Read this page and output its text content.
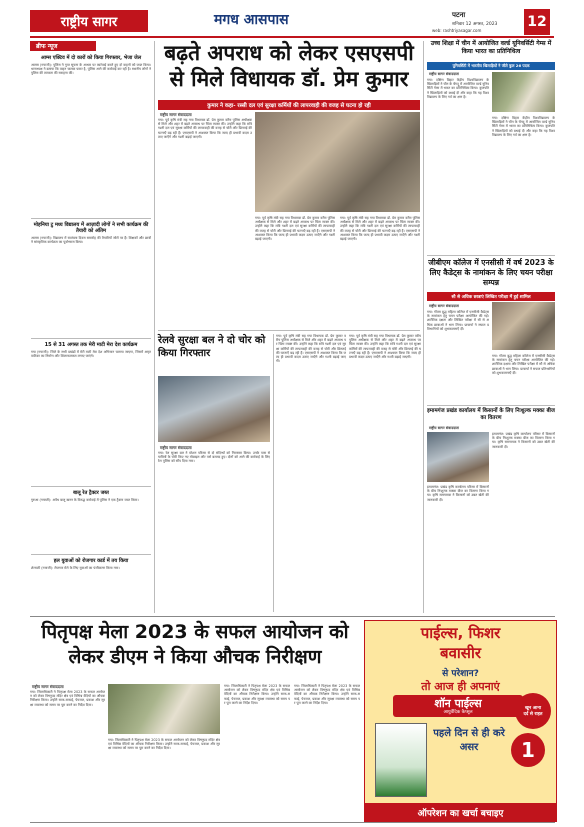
राष्ट्रीय सागर	मगध आसपास	पटना
शनिवार 12 अगस्त, 2023
web: rashtriyasagar.com
12
ब्रीफ न्यूज
आम्स एक्टिव में दो कारों को किया गिरफ्तार, भेजा जेल
आमस (गयाजी): पुलिस ने गुप्त सूचना के आधार पर कार्रवाई करते हुए दो वाहनों को जब्त किया। थानाध्यक्ष ने बताया कि वाहन चालक फरार है, पुलिस आगे की कार्रवाई कर रही है। स्थानीय लोगों ने पुलिस की तत्परता की सराहना की।
मोहनिया टु मध्य विद्यालय में आज़ादी लोगों ने सभी कार्यक्रम की तैयारी को अंतिम
आमस (गयाजी): विद्यालय में स्वतंत्रता दिवस समारोह की तैयारियाँ जोरों पर हैं। शिक्षकों और छात्रों ने सांस्कृतिक कार्यक्रम का पूर्वाभ्यास किया।
15 से 31 अगस्त तक मेरी माटी मेरा देश कार्यक्रम
गया (गयाजी): जिले के सभी प्रखंडों में मेरी माटी मेरा देश अभियान चलाया जाएगा, जिसमें अमृत वाटिका का निर्माण और शिलाफलकम लगाए जाएंगे।
बालू रेत ट्रैक्टर जब्त
गुरुआ (गयाजी): अवैध बालू खनन के विरुद्ध कार्रवाई में पुलिस ने एक ट्रैक्टर जब्त किया।
हल युवाओं को रोजगार कार्ड में तय किया
शेरघाटी (गयाजी): रोजगार मेले के लिए युवाओं का पंजीकरण किया गया।
बढ़ते अपराध को लेकर एसएसपी से मिले विधायक डॉ. प्रेम कुमार
कुमार ने कहा- रस्सी दल एवं सुरक्षा कर्मियों की लापरवाही की वजह से घटना हो रही
राष्ट्रीय सागर संवाददाता
गया: पूर्व कृषि मंत्री सह गया विधायक डॉ. प्रेम कुमार वरीय पुलिस अधीक्षक से मिले और शहर में बढ़ते अपराध पर चिंता व्यक्त की। उन्होंने कहा कि रात्रि गश्ती दल एवं सुरक्षा कर्मियों की लापरवाही की वजह से चोरी और छिनतई की घटनाएँ बढ़ रही हैं। एसएसपी ने आश्वस्त किया कि जल्द ही प्रभावी कदम उठाए जाएँगे और गश्ती बढ़ाई जाएगी।
गया: पूर्व कृषि मंत्री सह गया विधायक डॉ. प्रेम कुमार वरीय पुलिस अधीक्षक से मिले और शहर में बढ़ते अपराध पर चिंता व्यक्त की। उन्होंने कहा कि रात्रि गश्ती दल एवं सुरक्षा कर्मियों की लापरवाही की वजह से चोरी और छिनतई की घटनाएँ बढ़ रही हैं। एसएसपी ने आश्वस्त किया कि जल्द ही प्रभावी कदम उठाए जाएँगे और गश्ती बढ़ाई जाएगी।
गया: पूर्व कृषि मंत्री सह गया विधायक डॉ. प्रेम कुमार वरीय पुलिस अधीक्षक से मिले और शहर में बढ़ते अपराध पर चिंता व्यक्त की। उन्होंने कहा कि रात्रि गश्ती दल एवं सुरक्षा कर्मियों की लापरवाही की वजह से चोरी और छिनतई की घटनाएँ बढ़ रही हैं। एसएसपी ने आश्वस्त किया कि जल्द ही प्रभावी कदम उठाए जाएँगे और गश्ती बढ़ाई जाएगी।
रेलवे सुरक्षा बल ने दो चोर को किया गिरफ्तार
राष्ट्रीय सागर संवाददाता
गया: रेल सुरक्षा बल ने स्टेशन परिसर से दो संदिग्धों को गिरफ्तार किया। उनके पास से यात्रियों के चोरी किए गए मोबाइल और पर्स बरामद हुए। दोनों को आगे की कार्रवाई के लिए रेल पुलिस को सौंप दिया गया।
गया: पूर्व कृषि मंत्री सह गया विधायक डॉ. प्रेम कुमार वरीय पुलिस अधीक्षक से मिले और शहर में बढ़ते अपराध पर चिंता व्यक्त की। उन्होंने कहा कि रात्रि गश्ती दल एवं सुरक्षा कर्मियों की लापरवाही की वजह से चोरी और छिनतई की घटनाएँ बढ़ रही हैं। एसएसपी ने आश्वस्त किया कि जल्द ही प्रभावी कदम उठाए जाएँगे और गश्ती बढ़ाई जाएगी।
गया: पूर्व कृषि मंत्री सह गया विधायक डॉ. प्रेम कुमार वरीय पुलिस अधीक्षक से मिले और शहर में बढ़ते अपराध पर चिंता व्यक्त की। उन्होंने कहा कि रात्रि गश्ती दल एवं सुरक्षा कर्मियों की लापरवाही की वजह से चोरी और छिनतई की घटनाएँ बढ़ रही हैं। एसएसपी ने आश्वस्त किया कि जल्द ही प्रभावी कदम उठाए जाएँगे और गश्ती बढ़ाई जाएगी।
उच्च शिक्षा में चीन में आयोजित वर्ल्ड यूनिवर्सिटी गेम्स में किया भारत का प्रतिनिधित्व
यूनिवर्सिटी में भारतीय खिलाड़ियों ने जीते कुल 26 पदक
राष्ट्रीय सागर संवाददाता
गया: दक्षिण बिहार केंद्रीय विश्वविद्यालय के खिलाड़ियों ने चीन के चेंगदू में आयोजित वर्ल्ड यूनिवर्सिटी गेम्स में भारत का प्रतिनिधित्व किया। कुलपति ने खिलाड़ियों को बधाई दी और कहा कि यह विश्वविद्यालय के लिए गर्व का क्षण है।
गया: दक्षिण बिहार केंद्रीय विश्वविद्यालय के खिलाड़ियों ने चीन के चेंगदू में आयोजित वर्ल्ड यूनिवर्सिटी गेम्स में भारत का प्रतिनिधित्व किया। कुलपति ने खिलाड़ियों को बधाई दी और कहा कि यह विश्वविद्यालय के लिए गर्व का क्षण है।
जीबीएम कॉलेज में एनसीसी में वर्ष 2023 के लिए कैडेट्स के नामांकन के लिए चयन परीक्षा सम्पन्न
सौ से अधिक छात्राएं लिखित परीक्षा में हुई शामिल
राष्ट्रीय सागर संवाददाता
गया: गौतम बुद्ध महिला कॉलेज में एनसीसी कैडेट्स के नामांकन हेतु चयन परीक्षा आयोजित की गई। शारीरिक दक्षता और लिखित परीक्षा में सौ से अधिक छात्राओं ने भाग लिया। प्राचार्या ने सफल प्रतिभागियों को शुभकामनाएँ दीं।
गया: गौतम बुद्ध महिला कॉलेज में एनसीसी कैडेट्स के नामांकन हेतु चयन परीक्षा आयोजित की गई। शारीरिक दक्षता और लिखित परीक्षा में सौ से अधिक छात्राओं ने भाग लिया। प्राचार्या ने सफल प्रतिभागियों को शुभकामनाएँ दीं।
इमामगंज प्रखंड कार्यालय में किसानों के लिए निःशुल्क मक्का बीज का वितरण
राष्ट्रीय सागर संवाददाता
इमामगंज: प्रखंड कृषि कार्यालय परिसर में किसानों के बीच निःशुल्क मक्का बीज का वितरण किया गया। कृषि समन्वयक ने किसानों को उन्नत खेती की जानकारी दी।
इमामगंज: प्रखंड कृषि कार्यालय परिसर में किसानों के बीच निःशुल्क मक्का बीज का वितरण किया गया। कृषि समन्वयक ने किसानों को उन्नत खेती की जानकारी दी।
पितृपक्ष मेला 2023 के सफल आयोजन को लेकर डीएम ने किया औचक निरीक्षण
राष्ट्रीय सागर संवाददाता
गया: जिलाधिकारी ने पितृपक्ष मेला 2023 के सफल आयोजन को लेकर विष्णुपद मंदिर क्षेत्र एवं विभिन्न वेदियों का औचक निरीक्षण किया। उन्होंने साफ-सफाई, पेयजल, प्रकाश और सुरक्षा व्यवस्था को समय पर पूरा करने का निर्देश दिया।
गया: जिलाधिकारी ने पितृपक्ष मेला 2023 के सफल आयोजन को लेकर विष्णुपद मंदिर क्षेत्र एवं विभिन्न वेदियों का औचक निरीक्षण किया। उन्होंने साफ-सफाई, पेयजल, प्रकाश और सुरक्षा व्यवस्था को समय पर पूरा करने का निर्देश दिया।
गया: जिलाधिकारी ने पितृपक्ष मेला 2023 के सफल आयोजन को लेकर विष्णुपद मंदिर क्षेत्र एवं विभिन्न वेदियों का औचक निरीक्षण किया। उन्होंने साफ-सफाई, पेयजल, प्रकाश और सुरक्षा व्यवस्था को समय पर पूरा करने का निर्देश दिया।
गया: जिलाधिकारी ने पितृपक्ष मेला 2023 के सफल आयोजन को लेकर विष्णुपद मंदिर क्षेत्र एवं विभिन्न वेदियों का औचक निरीक्षण किया। उन्होंने साफ-सफाई, पेयजल, प्रकाश और सुरक्षा व्यवस्था को समय पर पूरा करने का निर्देश दिया।
पाईल्स, फिशर
बवासीर
से परेशान?
तो आज ही अपनाएं
शॉन पाईल्स
आयुर्वेदिक कैप्सूल
खून आना
दर्द से राहत
पहले दिन से ही करे असर	1
ऑपरेशन का खर्चा बचाइए
